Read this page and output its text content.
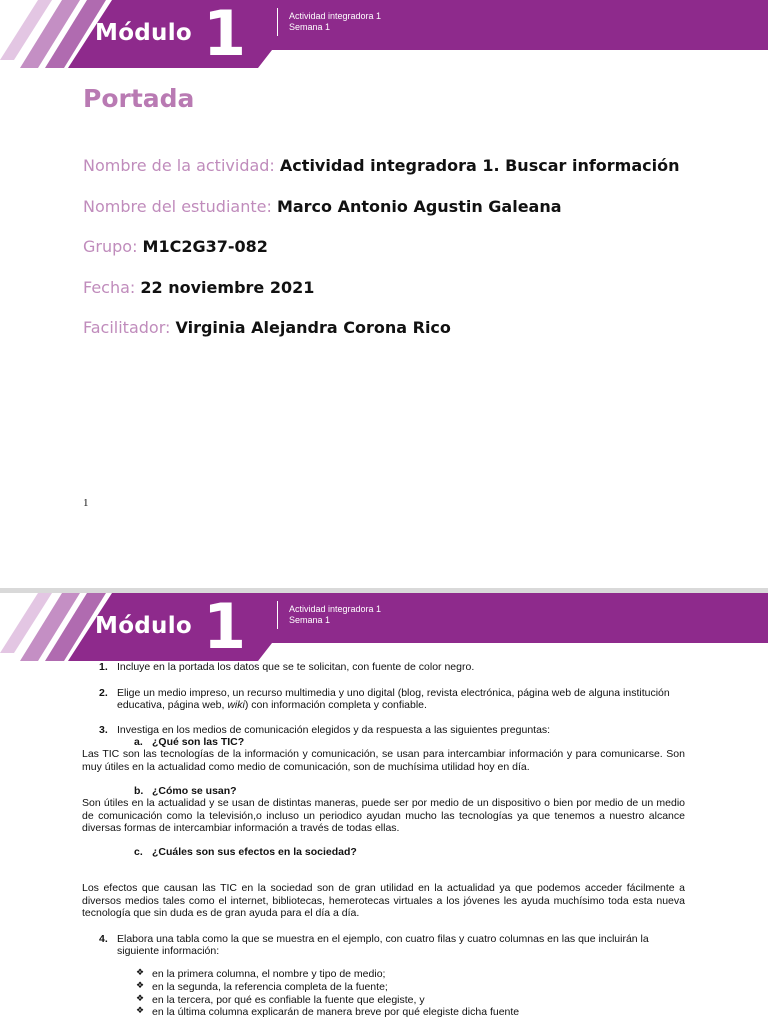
Módulo 1	Actividad integradora 1
Semana 1
Portada
Nombre de la actividad: Actividad integradora 1. Buscar información
Nombre del estudiante: Marco Antonio Agustin Galeana
Grupo: M1C2G37-082
Fecha: 22 noviembre 2021
Facilitador: Virginia Alejandra Corona Rico
1
Módulo 1	Actividad integradora 1
Semana 1
1. Incluye en la portada los datos que se te solicitan, con fuente de color negro.
2. Elige un medio impreso, un recurso multimedia y uno digital (blog, revista electrónica, página web de alguna institución
educativa, página web, wiki) con información completa y confiable.
3. Investiga en los medios de comunicación elegidos y da respuesta a las siguientes preguntas:
a. ¿Qué son las TIC?
Las TIC son las tecnologías de la información y comunicación, se usan para intercambiar información y para comunicarse. Son muy útiles en la actualidad como medio de comunicación, son de muchísima utilidad hoy en día.
b. ¿Cómo se usan?
Son útiles en la actualidad y se usan de distintas maneras, puede ser por medio de un dispositivo o bien por medio de un medio de comunicación como la televisión,o incluso un periodico ayudan mucho las tecnologías ya que tenemos a nuestro alcance diversas formas de intercambiar información a través de todas ellas.
c. ¿Cuáles son sus efectos en la sociedad?
Los efectos que causan las TIC en la sociedad son de gran utilidad en la actualidad ya que podemos acceder fácilmente a diversos medios tales como el internet, bibliotecas, hemerotecas virtuales a los jóvenes les ayuda muchísimo toda esta nueva tecnología que sin duda es de gran ayuda para el día a día.
4. Elabora una tabla como la que se muestra en el ejemplo, con cuatro filas y cuatro columnas en las que incluirán la
siguiente información:
❖ en la primera columna, el nombre y tipo de medio;
❖ en la segunda, la referencia completa de la fuente;
❖ en la tercera, por qué es confiable la fuente que elegiste, y
❖ en la última columna explicarán de manera breve por qué elegiste dicha fuente
